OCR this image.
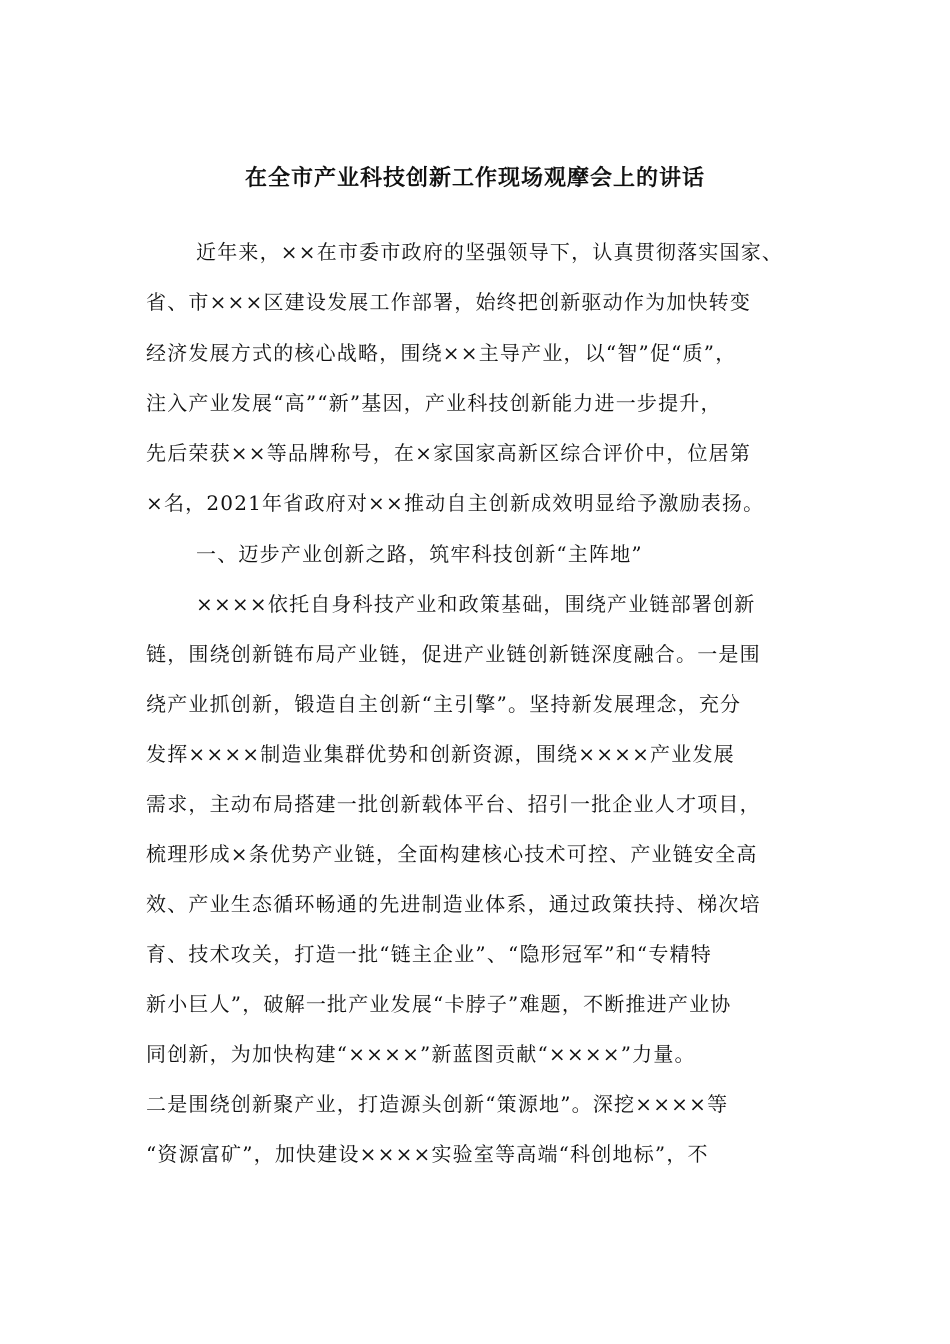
在全市产业科技创新工作现场观摩会上的讲话
近年来，××在市委市政府的坚强领导下，认真贯彻落实国家、
省、市×××区建设发展工作部署，始终把创新驱动作为加快转变
经济发展方式的核心战略，围绕××主导产业，以“智”促“质”，
注入产业发展“高”“新”基因，产业科技创新能力进一步提升，
先后荣获××等品牌称号，在×家国家高新区综合评价中，位居第
×名，2021年省政府对××推动自主创新成效明显给予激励表扬。
一、迈步产业创新之路，筑牢科技创新“主阵地”
××××依托自身科技产业和政策基础，围绕产业链部署创新
链，围绕创新链布局产业链，促进产业链创新链深度融合。一是围
绕产业抓创新，锻造自主创新“主引擎”。坚持新发展理念，充分
发挥××××制造业集群优势和创新资源，围绕××××产业发展
需求，主动布局搭建一批创新载体平台、招引一批企业人才项目，
梳理形成×条优势产业链，全面构建核心技术可控、产业链安全高
效、产业生态循环畅通的先进制造业体系，通过政策扶持、梯次培
育、技术攻关，打造一批“链主企业”、“隐形冠军”和“专精特
新小巨人”，破解一批产业发展“卡脖子”难题，不断推进产业协
同创新，为加快构建“××××”新蓝图贡献“××××”力量。
二是围绕创新聚产业，打造源头创新“策源地”。深挖××××等
“资源富矿”，加快建设××××实验室等高端“科创地标”，不
